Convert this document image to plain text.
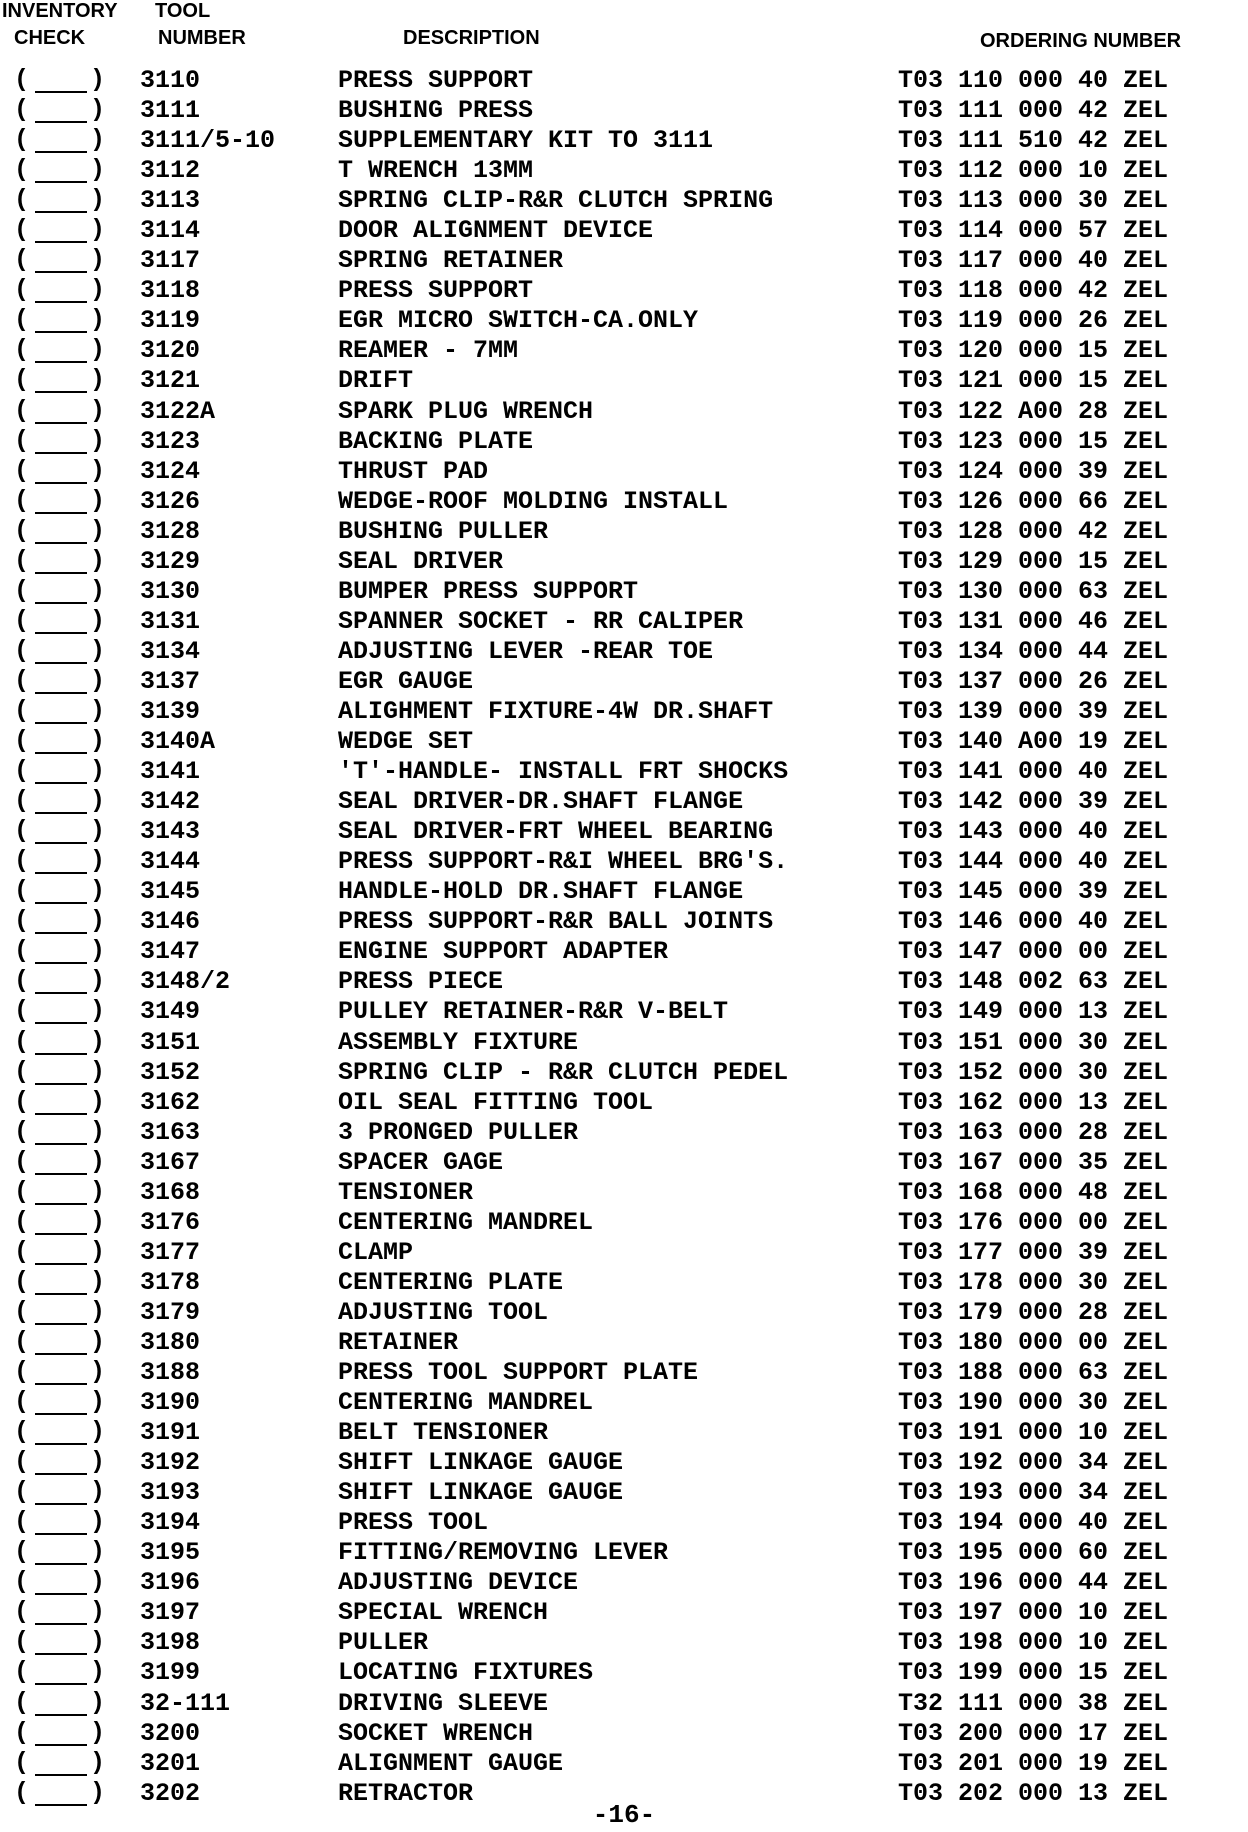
INVENTORY
CHECK
TOOL
NUMBER	DESCRIPTION	ORDERING NUMBER
( ) 3110	PRESS SUPPORT	T03 110 000 40 ZEL
( ) 3111	BUSHING PRESS	T03 111 000 42 ZEL
( ) 3111/5-10	SUPPLEMENTARY KIT TO 3111	T03 111 510 42 ZEL
( ) 3112	T WRENCH 13MM	T03 112 000 10 ZEL
( ) 3113	SPRING CLIP-R&R CLUTCH SPRING	T03 113 000 30 ZEL
( ) 3114	DOOR ALIGNMENT DEVICE	T03 114 000 57 ZEL
( ) 3117	SPRING RETAINER	T03 117 000 40 ZEL
( ) 3118	PRESS SUPPORT	T03 118 000 42 ZEL
( ) 3119	EGR MICRO SWITCH-CA.ONLY	T03 119 000 26 ZEL
( ) 3120	REAMER - 7MM	T03 120 000 15 ZEL
( ) 3121	DRIFT	T03 121 000 15 ZEL
( ) 3122A	SPARK PLUG WRENCH	T03 122 A00 28 ZEL
( ) 3123	BACKING PLATE	T03 123 000 15 ZEL
( ) 3124	THRUST PAD	T03 124 000 39 ZEL
( ) 3126	WEDGE-ROOF MOLDING INSTALL	T03 126 000 66 ZEL
( ) 3128	BUSHING PULLER	T03 128 000 42 ZEL
( ) 3129	SEAL DRIVER	T03 129 000 15 ZEL
( ) 3130	BUMPER PRESS SUPPORT	T03 130 000 63 ZEL
( ) 3131	SPANNER SOCKET - RR CALIPER	T03 131 000 46 ZEL
( ) 3134	ADJUSTING LEVER -REAR TOE	T03 134 000 44 ZEL
( ) 3137	EGR GAUGE	T03 137 000 26 ZEL
( ) 3139	ALIGHMENT FIXTURE-4W DR.SHAFT	T03 139 000 39 ZEL
( ) 3140A	WEDGE SET	T03 140 A00 19 ZEL
( ) 3141	'T'-HANDLE- INSTALL FRT SHOCKS	T03 141 000 40 ZEL
( ) 3142	SEAL DRIVER-DR.SHAFT FLANGE	T03 142 000 39 ZEL
( ) 3143	SEAL DRIVER-FRT WHEEL BEARING	T03 143 000 40 ZEL
( ) 3144	PRESS SUPPORT-R&I WHEEL BRG'S.	T03 144 000 40 ZEL
( ) 3145	HANDLE-HOLD DR.SHAFT FLANGE	T03 145 000 39 ZEL
( ) 3146	PRESS SUPPORT-R&R BALL JOINTS	T03 146 000 40 ZEL
( ) 3147	ENGINE SUPPORT ADAPTER	T03 147 000 00 ZEL
( ) 3148/2	PRESS PIECE	T03 148 002 63 ZEL
( ) 3149	PULLEY RETAINER-R&R V-BELT	T03 149 000 13 ZEL
( ) 3151	ASSEMBLY FIXTURE	T03 151 000 30 ZEL
( ) 3152	SPRING CLIP - R&R CLUTCH PEDEL	T03 152 000 30 ZEL
( ) 3162	OIL SEAL FITTING TOOL	T03 162 000 13 ZEL
( ) 3163	3 PRONGED PULLER	T03 163 000 28 ZEL
( ) 3167	SPACER GAGE	T03 167 000 35 ZEL
( ) 3168	TENSIONER	T03 168 000 48 ZEL
( ) 3176	CENTERING MANDREL	T03 176 000 00 ZEL
( ) 3177	CLAMP	T03 177 000 39 ZEL
( ) 3178	CENTERING PLATE	T03 178 000 30 ZEL
( ) 3179	ADJUSTING TOOL	T03 179 000 28 ZEL
( ) 3180	RETAINER	T03 180 000 00 ZEL
( ) 3188	PRESS TOOL SUPPORT PLATE	T03 188 000 63 ZEL
( ) 3190	CENTERING MANDREL	T03 190 000 30 ZEL
( ) 3191	BELT TENSIONER	T03 191 000 10 ZEL
( ) 3192	SHIFT LINKAGE GAUGE	T03 192 000 34 ZEL
( ) 3193	SHIFT LINKAGE GAUGE	T03 193 000 34 ZEL
( ) 3194	PRESS TOOL	T03 194 000 40 ZEL
( ) 3195	FITTING/REMOVING LEVER	T03 195 000 60 ZEL
( ) 3196	ADJUSTING DEVICE	T03 196 000 44 ZEL
( ) 3197	SPECIAL WRENCH	T03 197 000 10 ZEL
( ) 3198	PULLER	T03 198 000 10 ZEL
( ) 3199	LOCATING FIXTURES	T03 199 000 15 ZEL
( ) 32-111	DRIVING SLEEVE	T32 111 000 38 ZEL
( ) 3200	SOCKET WRENCH	T03 200 000 17 ZEL
( ) 3201	ALIGNMENT GAUGE	T03 201 000 19 ZEL
( ) 3202	RETRACTOR	T03 202 000 13 ZEL
-16-
